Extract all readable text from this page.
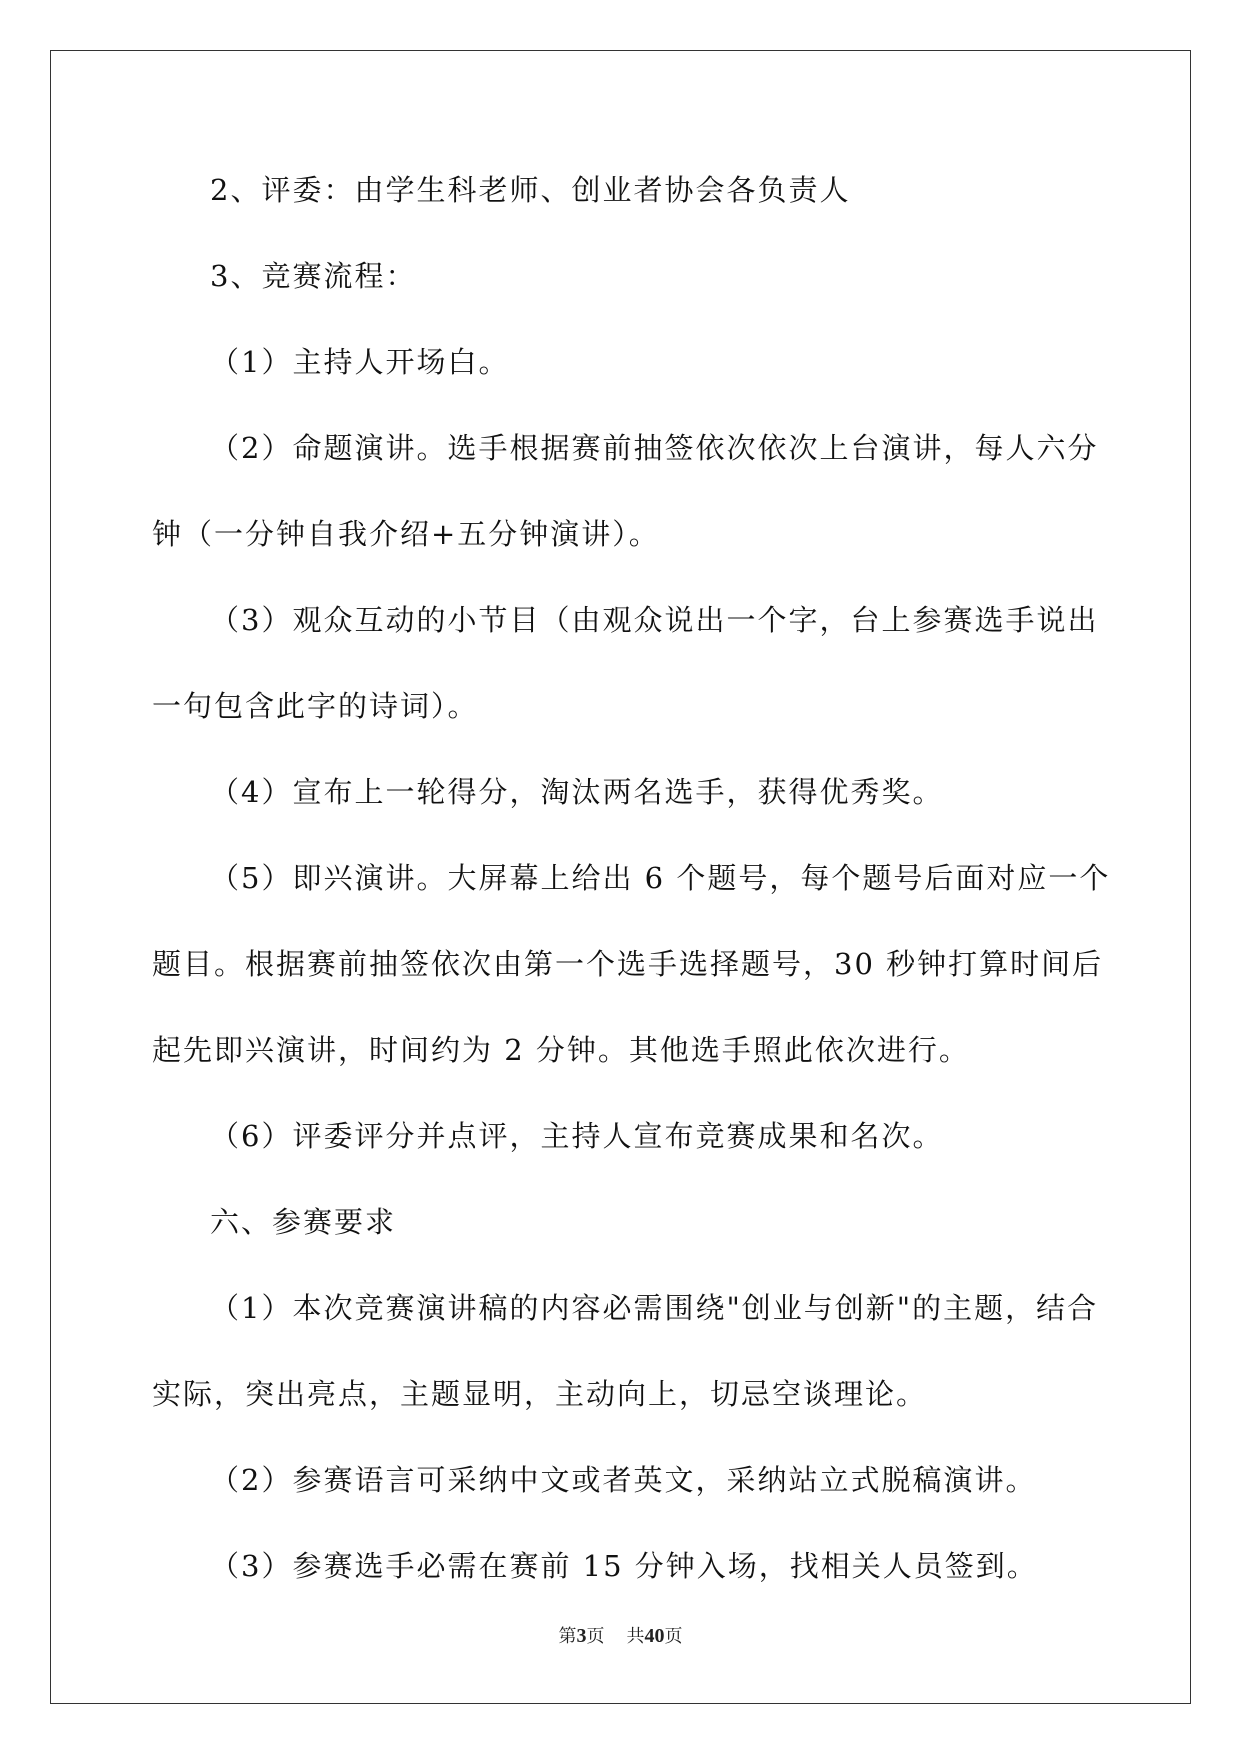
2、评委：由学生科老师、创业者协会各负责人
3、竞赛流程：
（1）主持人开场白。
（2）命题演讲。选手根据赛前抽签依次依次上台演讲，每人六分
钟（一分钟自我介绍+五分钟演讲）。
（3）观众互动的小节目（由观众说出一个字，台上参赛选手说出
一句包含此字的诗词）。
（4）宣布上一轮得分，淘汰两名选手，获得优秀奖。
（5）即兴演讲。大屏幕上给出 6 个题号，每个题号后面对应一个
题目。根据赛前抽签依次由第一个选手选择题号，30 秒钟打算时间后
起先即兴演讲，时间约为 2 分钟。其他选手照此依次进行。
（6）评委评分并点评，主持人宣布竞赛成果和名次。
六、参赛要求
（1）本次竞赛演讲稿的内容必需围绕"创业与创新"的主题，结合
实际，突出亮点，主题显明，主动向上，切忌空谈理论。
（2）参赛语言可采纳中文或者英文，采纳站立式脱稿演讲。
（3）参赛选手必需在赛前 15 分钟入场，找相关人员签到。

第3页 共40页
